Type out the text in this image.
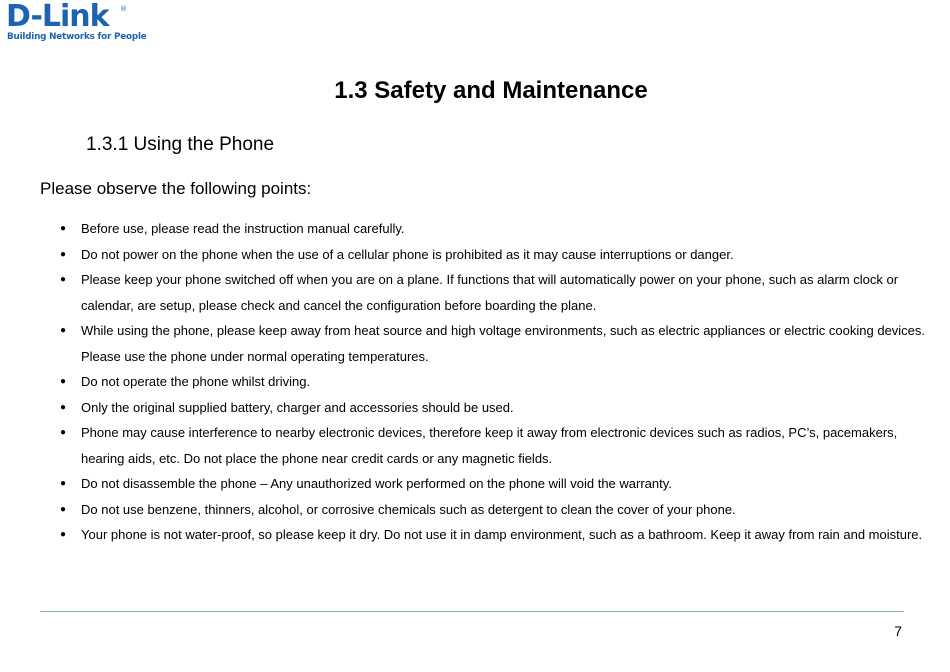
D-Link ®
Building Networks for People
1.3 Safety and Maintenance
1.3.1 Using the Phone

Please observe the following points:

● Before use, please read the instruction manual carefully.
● Do not power on the phone when the use of a cellular phone is prohibited as it may cause interruptions or danger.
● Please keep your phone switched off when you are on a plane. If functions that will automatically power on your phone, such as alarm clock or calendar, are setup, please check and cancel the configuration before boarding the plane.
● While using the phone, please keep away from heat source and high voltage environments, such as electric appliances or electric cooking devices. Please use the phone under normal operating temperatures.
● Do not operate the phone whilst driving.
● Only the original supplied battery, charger and accessories should be used.
● Phone may cause interference to nearby electronic devices, therefore keep it away from electronic devices such as radios, PC’s, pacemakers, hearing aids, etc. Do not place the phone near credit cards or any magnetic fields.
● Do not disassemble the phone – Any unauthorized work performed on the phone will void the warranty.
● Do not use benzene, thinners, alcohol, or corrosive chemicals such as detergent to clean the cover of your phone.
● Your phone is not water-proof, so please keep it dry. Do not use it in damp environment, such as a bathroom. Keep it away from rain and moisture.
7
